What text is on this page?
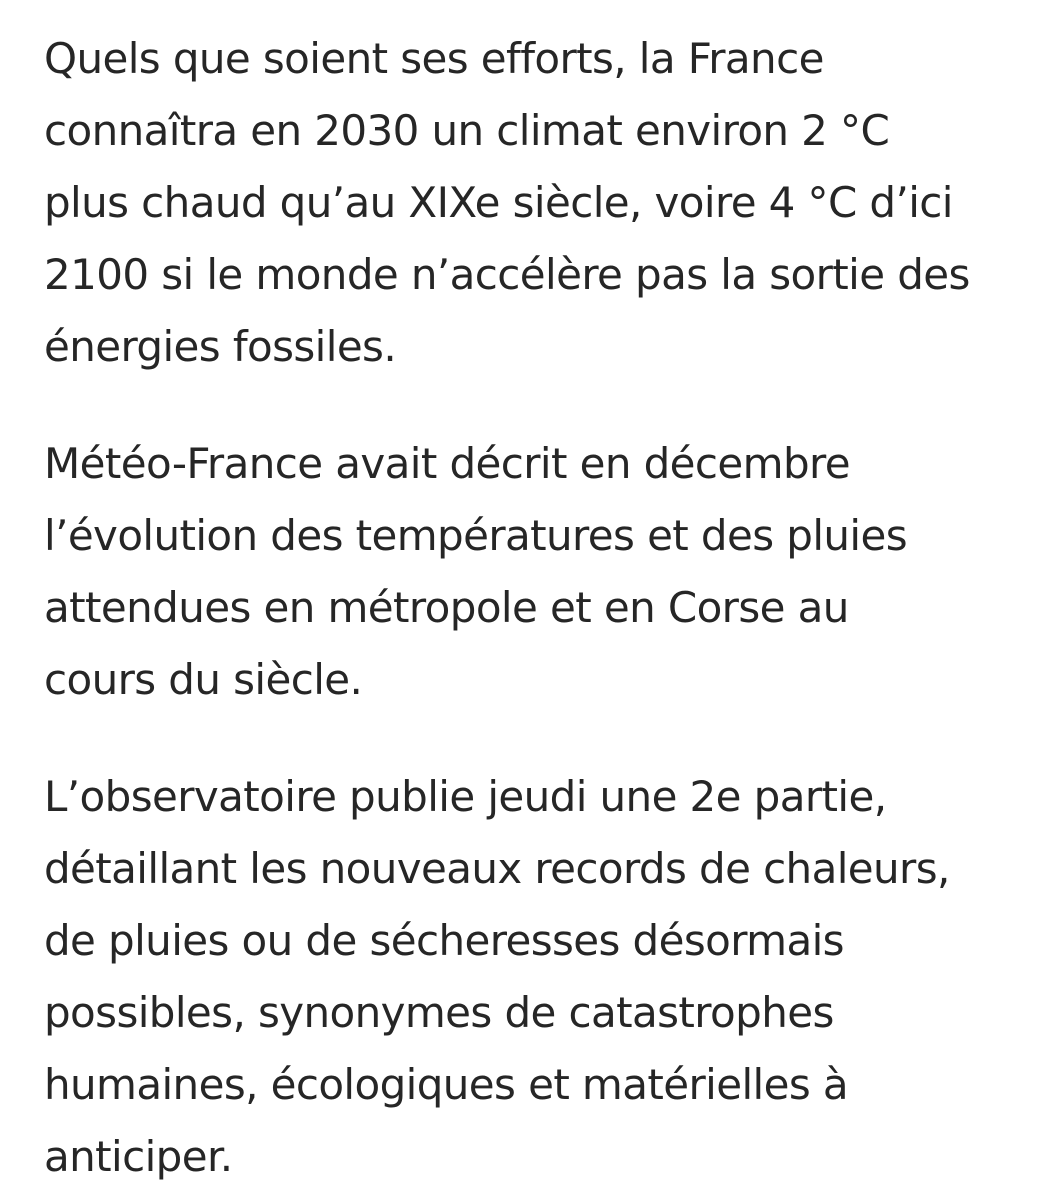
Quels que soient ses efforts, la France
connaîtra en 2030 un climat environ 2 °C
plus chaud qu’au XIXe siècle, voire 4 °C d’ici
2100 si le monde n’accélère pas la sortie des
énergies fossiles.

Météo-France avait décrit en décembre
l’évolution des températures et des pluies
attendues en métropole et en Corse au
cours du siècle.

L’observatoire publie jeudi une 2e partie,
détaillant les nouveaux records de chaleurs,
de pluies ou de sécheresses désormais
possibles, synonymes de catastrophes
humaines, écologiques et matérielles à
anticiper.
